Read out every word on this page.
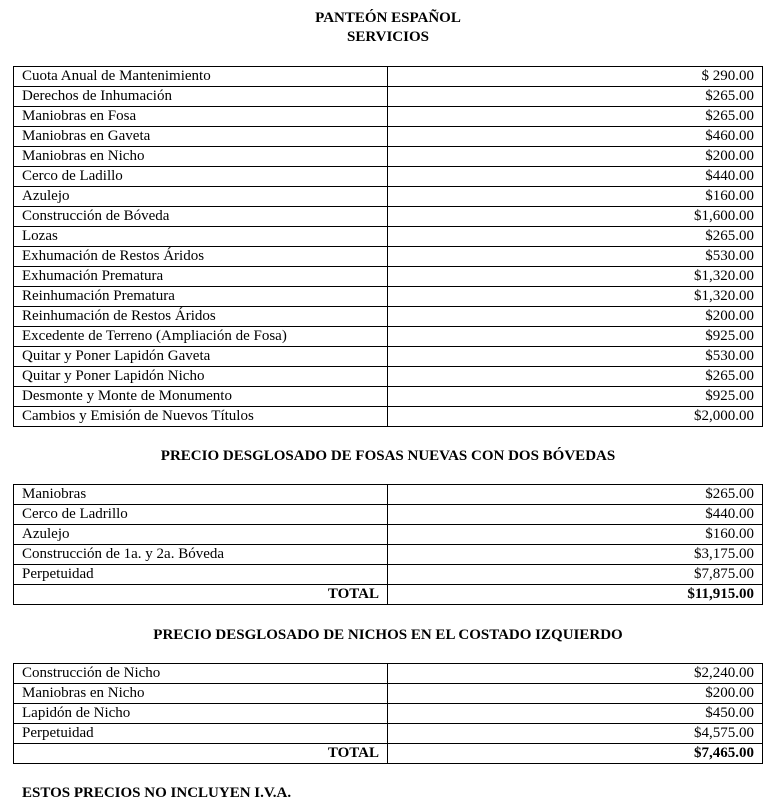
PANTEÓN ESPAÑOL
SERVICIOS
Cuota Anual de Mantenimiento	$ 290.00
Derechos de Inhumación	$265.00
Maniobras en Fosa	$265.00
Maniobras en Gaveta	$460.00
Maniobras en Nicho	$200.00
Cerco de Ladillo	$440.00
Azulejo	$160.00
Construcción de Bóveda	$1,600.00
Lozas	$265.00
Exhumación de Restos Áridos	$530.00
Exhumación Prematura	$1,320.00
Reinhumación Prematura	$1,320.00
Reinhumación de Restos Áridos	$200.00
Excedente de Terreno (Ampliación de Fosa)	$925.00
Quitar y Poner Lapidón Gaveta	$530.00
Quitar y Poner Lapidón Nicho	$265.00
Desmonte y Monte de Monumento	$925.00
Cambios y Emisión de Nuevos Títulos	$2,000.00
PRECIO DESGLOSADO DE FOSAS NUEVAS CON DOS BÓVEDAS
Maniobras	$265.00
Cerco de Ladrillo	$440.00
Azulejo	$160.00
Construcción de 1a. y 2a. Bóveda	$3,175.00
Perpetuidad	$7,875.00
TOTAL	$11,915.00
PRECIO DESGLOSADO DE NICHOS EN EL COSTADO IZQUIERDO
Construcción de Nicho	$2,240.00
Maniobras en Nicho	$200.00
Lapidón de Nicho	$450.00
Perpetuidad	$4,575.00
TOTAL	$7,465.00
ESTOS PRECIOS NO INCLUYEN I.V.A.
